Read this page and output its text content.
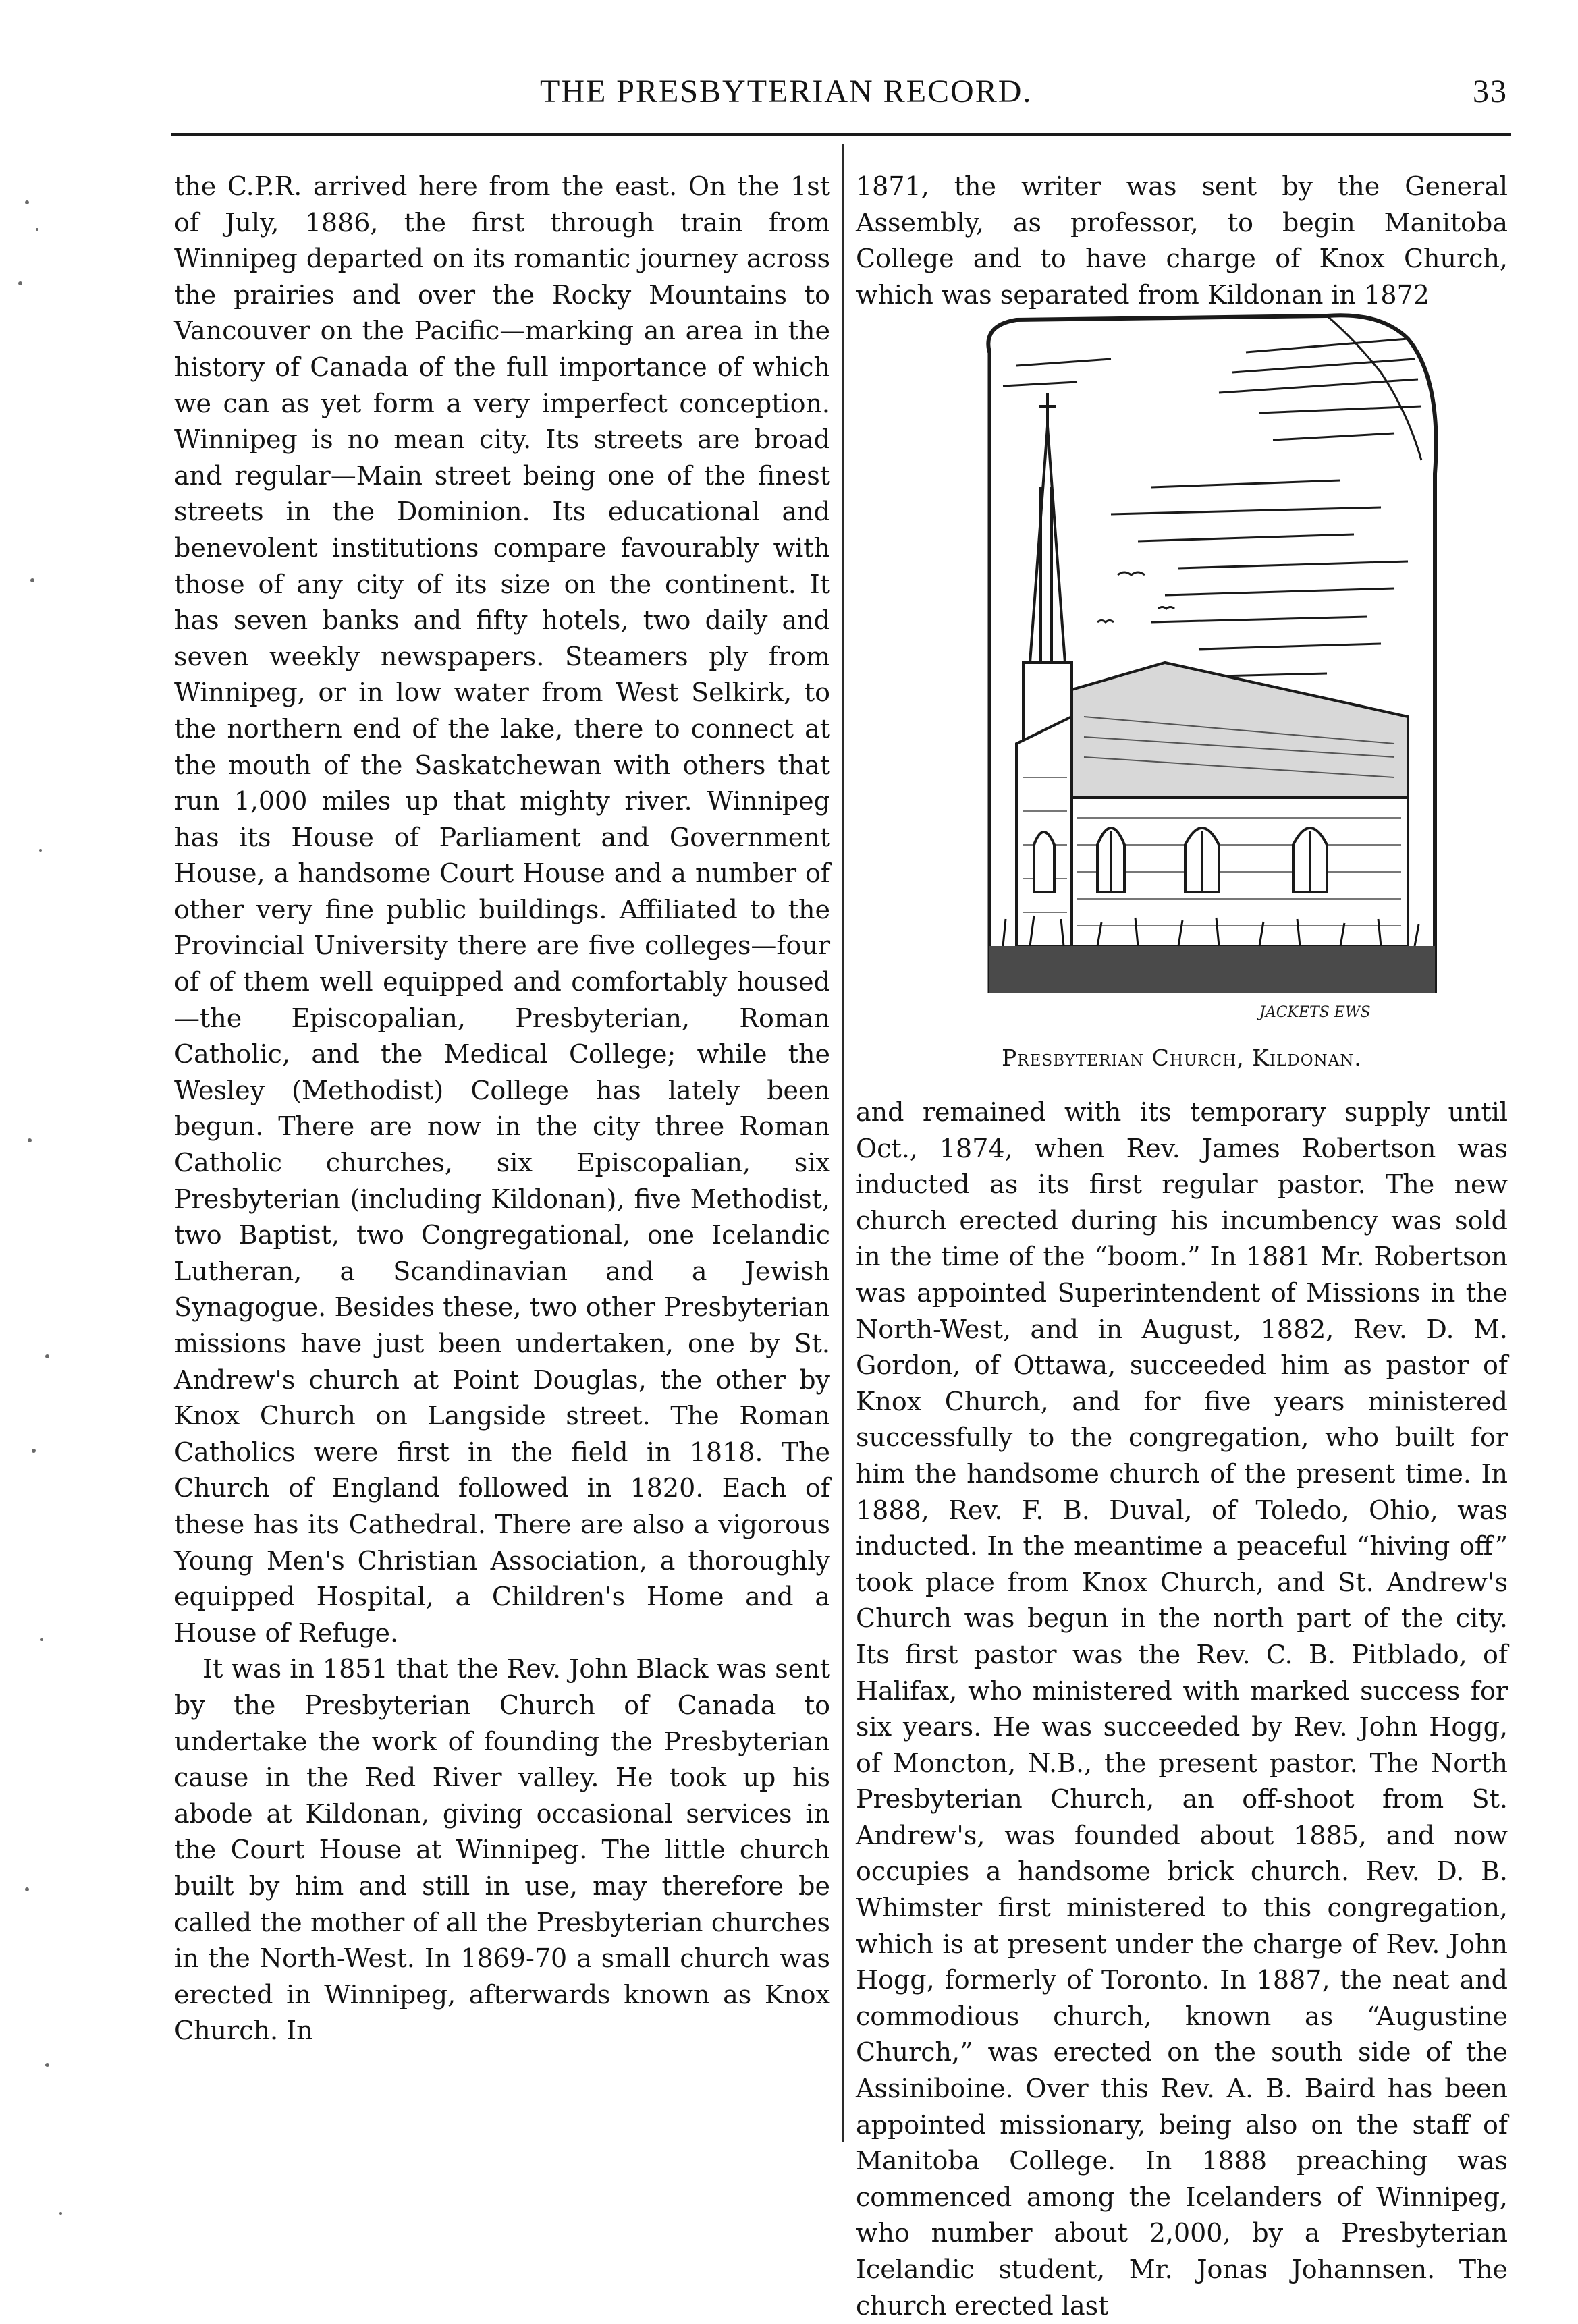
THE PRESBYTERIAN RECORD.	33

the C.P.R. arrived here from the east. On the 1st of July, 1886, the first through train from Winnipeg departed on its romantic journey across the prairies and over the Rocky Mountains to Vancouver on the Pacific—marking an area in the history of Canada of the full importance of which we can as yet form a very imperfect conception. Winnipeg is no mean city. Its streets are broad and regular—Main street being one of the finest streets in the Dominion. Its educational and benevolent institutions compare favourably with those of any city of its size on the continent. It has seven banks and fifty hotels, two daily and seven weekly newspapers. Steamers ply from Winnipeg, or in low water from West Selkirk, to the northern end of the lake, there to connect at the mouth of the Saskatchewan with others that run 1,000 miles up that mighty river. Winnipeg has its House of Parliament and Government House, a handsome Court House and a number of other very fine public buildings. Affiliated to the Provincial University there are five colleges—four of of them well equipped and comfortably housed—the Episcopalian, Presbyterian, Roman Catholic, and the Medical College; while the Wesley (Methodist) College has lately been begun. There are now in the city three Roman Catholic churches, six Episcopalian, six Presbyterian (including Kildonan), five Methodist, two Baptist, two Congregational, one Icelandic Lutheran, a Scandinavian and a Jewish Synagogue. Besides these, two other Presbyterian missions have just been undertaken, one by St. Andrew's church at Point Douglas, the other by Knox Church on Langside street. The Roman Catholics were first in the field in 1818. The Church of England followed in 1820. Each of these has its Cathedral. There are also a vigorous Young Men's Christian Association, a thoroughly equipped Hospital, a Children's Home and a House of Refuge.

It was in 1851 that the Rev. John Black was sent by the Presbyterian Church of Canada to undertake the work of founding the Presbyterian cause in the Red River valley. He took up his abode at Kildonan, giving occasional services in the Court House at Winnipeg. The little church built by him and still in use, may therefore be called the mother of all the Presbyterian churches in the North-West. In 1869-70 a small church was erected in Winnipeg, afterwards known as Knox Church. In

1871, the writer was sent by the General Assembly, as professor, to begin Manitoba College and to have charge of Knox Church, which was separated from Kildonan in 1872

JACKETS EWS
Presbyterian Church, Kildonan.

and remained with its temporary supply until Oct., 1874, when Rev. James Robertson was inducted as its first regular pastor. The new church erected during his incumbency was sold in the time of the “boom.” In 1881 Mr. Robertson was appointed Superintendent of Missions in the North-West, and in August, 1882, Rev. D. M. Gordon, of Ottawa, succeeded him as pastor of Knox Church, and for five years ministered successfully to the congregation, who built for him the handsome church of the present time. In 1888, Rev. F. B. Duval, of Toledo, Ohio, was inducted. In the meantime a peaceful “hiving off” took place from Knox Church, and St. Andrew's Church was begun in the north part of the city. Its first pastor was the Rev. C. B. Pitblado, of Halifax, who ministered with marked success for six years. He was succeeded by Rev. John Hogg, of Moncton, N.B., the present pastor. The North Presbyterian Church, an off-shoot from St. Andrew's, was founded about 1885, and now occupies a handsome brick church. Rev. D. B. Whimster first ministered to this congregation, which is at present under the charge of Rev. John Hogg, formerly of Toronto. In 1887, the neat and commodious church, known as “Augustine Church,” was erected on the south side of the Assiniboine. Over this Rev. A. B. Baird has been appointed missionary, being also on the staff of Manitoba College. In 1888 preaching was commenced among the Icelanders of Winnipeg, who number about 2,000, by a Presbyterian Icelandic student, Mr. Jonas Johannsen. The church erected last
